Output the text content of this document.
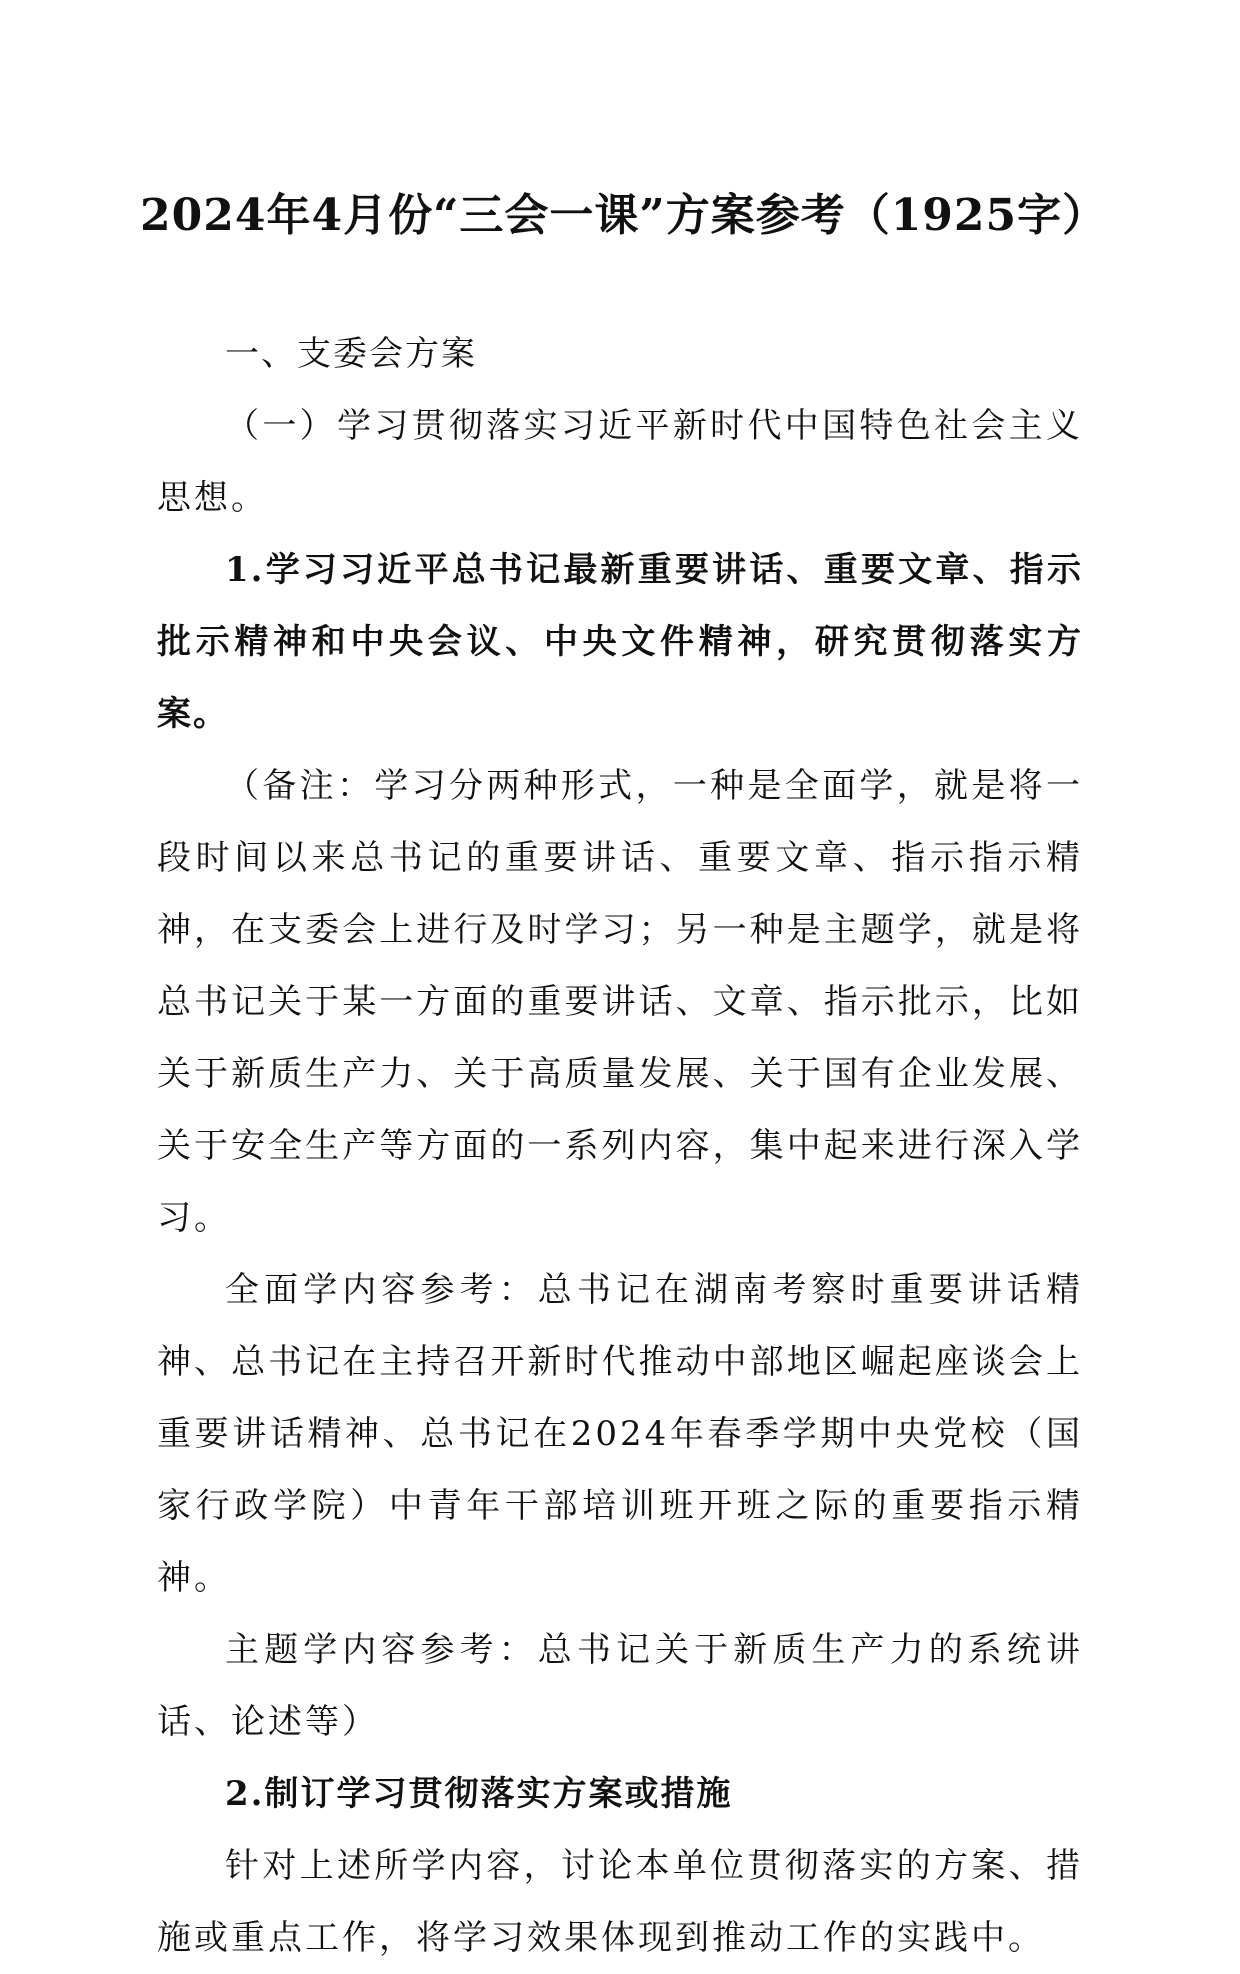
2024年4月份“三会一课”方案参考（1925字）

一、支委会方案

（一）学习贯彻落实习近平新时代中国特色社会主义思想。

1.学习习近平总书记最新重要讲话、重要文章、指示批示精神和中央会议、中央文件精神，研究贯彻落实方案。

（备注：学习分两种形式，一种是全面学，就是将一段时间以来总书记的重要讲话、重要文章、指示指示精神，在支委会上进行及时学习；另一种是主题学，就是将总书记关于某一方面的重要讲话、文章、指示批示，比如关于新质生产力、关于高质量发展、关于国有企业发展、关于安全生产等方面的一系列内容，集中起来进行深入学习。

全面学内容参考：总书记在湖南考察时重要讲话精神、总书记在主持召开新时代推动中部地区崛起座谈会上重要讲话精神、总书记在2024年春季学期中央党校（国家行政学院）中青年干部培训班开班之际的重要指示精神。

主题学内容参考：总书记关于新质生产力的系统讲话、论述等）

2.制订学习贯彻落实方案或措施

针对上述所学内容，讨论本单位贯彻落实的方案、措施或重点工作，将学习效果体现到推动工作的实践中。
